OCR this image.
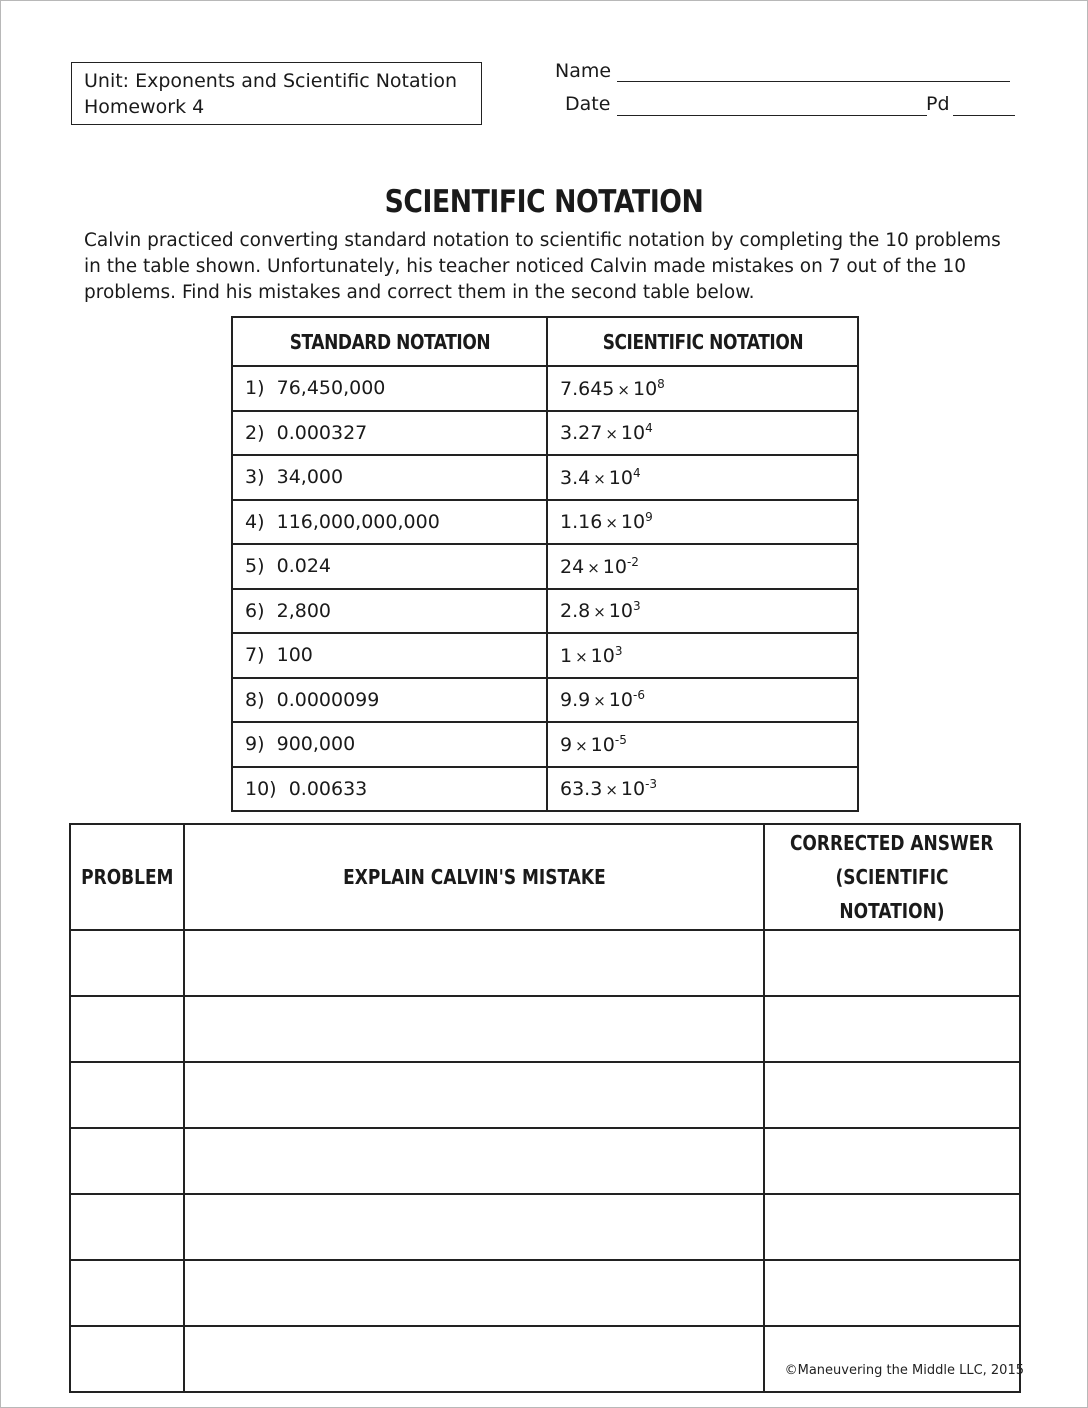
Unit: Exponents and Scientific Notation
Homework 4
Name
Date	Pd
SCIENTIFIC NOTATION
Calvin practiced converting standard notation to scientific notation by completing the 10 problems in the table shown. Unfortunately, his teacher noticed Calvin made mistakes on 7 out of the 10 problems. Find his mistakes and correct them in the second table below.
STANDARD NOTATION	SCIENTIFIC NOTATION
1) 76,450,000	$7.645 \times 10^8$
2) 0.000327	$3.27 \times 10^4$
3) 34,000	$3.4 \times 10^4$
4) 116,000,000,000	$1.16 \times 10^9$
5) 0.024	$24 \times 10^{-2}$
6) 2,800	$2.8 \times 10^3$
7) 100	$1 \times 10^3$
8) 0.0000099	$9.9 \times 10^{-6}$
9) 900,000	$9 \times 10^{-5}$
10) 0.00633	$63.3 \times 10^{-3}$
PROBLEM	EXPLAIN CALVIN'S MISTAKE	CORRECTED ANSWER
(SCIENTIFIC NOTATION)

©Maneuvering the Middle LLC, 2015
